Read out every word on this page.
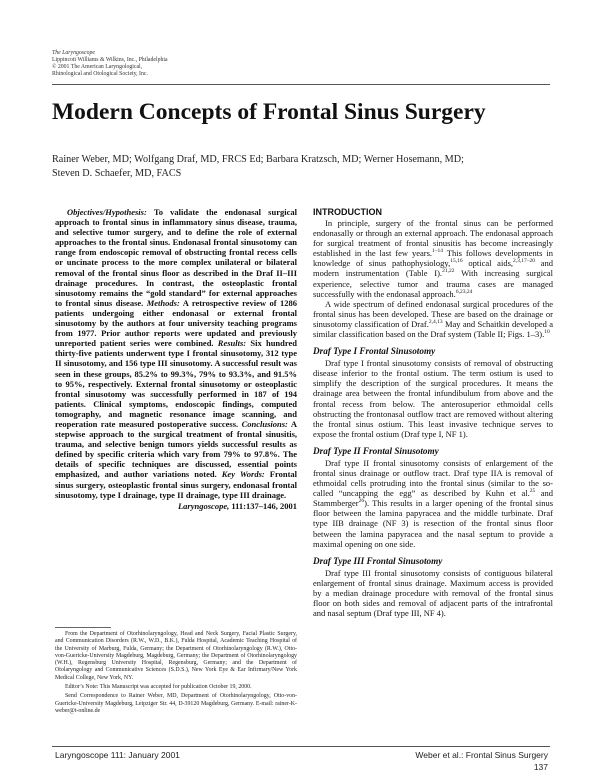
The Laryngoscope
Lippincott Williams & Wilkins, Inc., Philadelphia
© 2001 The American Laryngological,
Rhinological and Otological Society, Inc.
Modern Concepts of Frontal Sinus Surgery
Rainer Weber, MD; Wolfgang Draf, MD, FRCS Ed; Barbara Kratzsch, MD; Werner Hosemann, MD;
Steven D. Schaefer, MD, FACS

Objectives/Hypothesis: To validate the endonasal surgical approach to frontal sinus in inflammatory sinus disease, trauma, and selective tumor surgery, and to define the role of external approaches to the frontal sinus. Endonasal frontal sinusotomy can range from endoscopic removal of obstructing frontal recess cells or uncinate process to the more complex unilateral or bilateral removal of the frontal sinus floor as described in the Draf II–III drainage procedures. In contrast, the osteoplastic frontal sinusotomy remains the “gold standard” for external approaches to frontal sinus disease. Methods: A retrospective review of 1286 patients undergoing either endonasal or external frontal sinusotomy by the authors at four university teaching programs from 1977. Prior author reports were updated and previously unreported patient series were combined. Results: Six hundred thirty-five patients underwent type I frontal sinusotomy, 312 type II sinusotomy, and 156 type III sinusotomy. A successful result was seen in these groups, 85.2% to 99.3%, 79% to 93.3%, and 91.5% to 95%, respectively. External frontal sinusotomy or osteoplastic frontal sinusotomy was successfully performed in 187 of 194 patients. Clinical symptoms, endoscopic findings, computed tomography, and magnetic resonance image scanning, and reoperation rate measured postoperative success. Conclusions: A stepwise approach to the surgical treatment of frontal sinusitis, trauma, and selective benign tumors yields successful results as defined by specific criteria which vary from 79% to 97.8%. The details of specific techniques are discussed, essential points emphasized, and author variations noted. Key Words: Frontal sinus surgery, osteoplastic frontal sinus surgery, endonasal frontal sinusotomy, type I drainage, type II drainage, type III drainage.

Laryngoscope, 111:137–146, 2001

From the Department of Otorhinolaryngology, Head and Neck Surgery, Facial Plastic Surgery, and Communication Disorders (R.W., W.D., B.K.), Fulda Hospital, Academic Teaching Hospital of the University of Marburg, Fulda, Germany; the Department of Otorhinolaryngology (R.W.), Otto-von-Guericke-University Magdeburg, Magdeburg, Germany; the Department of Otorhinolaryngology (W.H.), Regensburg University Hospital, Regensburg, Germany; and the Department of Otolaryngology and Communicative Sciences (S.D.S.), New York Eye & Ear Infirmary/New York Medical College, New York, NY.

Editor’s Note: This Manuscript was accepted for publication October 19, 2000.

Send Correspondence to Rainer Weber, MD, Department of Otorhinolaryngology, Otto-von-Guericke-University Magdeburg, Leipziger Str. 44, D-39120 Magdeburg, Germany. E-mail: rainer-K-weber@t-online.de

INTRODUCTION

In principle, surgery of the frontal sinus can be performed endonasally or through an external approach. The endonasal approach for surgical treatment of frontal sinusitis has become increasingly established in the last few years.$^{1-14}$ This follows developments in knowledge of sinus pathophysiology,$^{15,16}$ optical aids,$^{2,3,17-20}$ and modern instrumentation (Table I).$^{21,22}$ With increasing surgical experience, selective tumor and trauma cases are managed successfully with the endonasal approach.$^{6,23,24}$

A wide spectrum of defined endonasal surgical procedures of the frontal sinus has been developed. These are based on the drainage or sinusotomy classification of Draf.$^{2,4,13}$ May and Schaitkin developed a similar classification based on the Draf system (Table II; Figs. 1–3).$^{10}$

Draf Type I Frontal Sinusotomy

Draf type I frontal sinusotomy consists of removal of obstructing disease inferior to the frontal ostium. The term ostium is used to simplify the description of the surgical procedures. It means the drainage area between the frontal infundibulum from above and the frontal recess from below. The anterosuperior ethmoidal cells obstructing the frontonasal outflow tract are removed without altering the frontal sinus ostium. This least invasive technique serves to expose the frontal ostium (Draf type I, NF 1).

Draf Type II Frontal Sinusotomy

Draf type II frontal sinusotomy consists of enlargement of the frontal sinus drainage or outflow tract. Draf type IIA is removal of ethmoidal cells protruding into the frontal sinus (similar to the so-called “uncapping the egg” as described by Kuhn et al.$^{25}$ and Stammberger$^{26}$). This results in a larger opening of the frontal sinus floor between the lamina papyracea and the middle turbinate. Draf type IIB drainage (NF 3) is resection of the frontal sinus floor between the lamina papyracea and the nasal septum to provide a maximal opening on one side.

Draf Type III Frontal Sinusotomy

Draf type III frontal sinusotomy consists of contiguous bilateral enlargement of frontal sinus drainage. Maximum access is provided by a median drainage procedure with removal of the frontal sinus floor on both sides and removal of adjacent parts of the intrafrontal and nasal septum (Draf type III, NF 4).

Laryngoscope 111: January 2001	Weber et al.: Frontal Sinus Surgery
137
